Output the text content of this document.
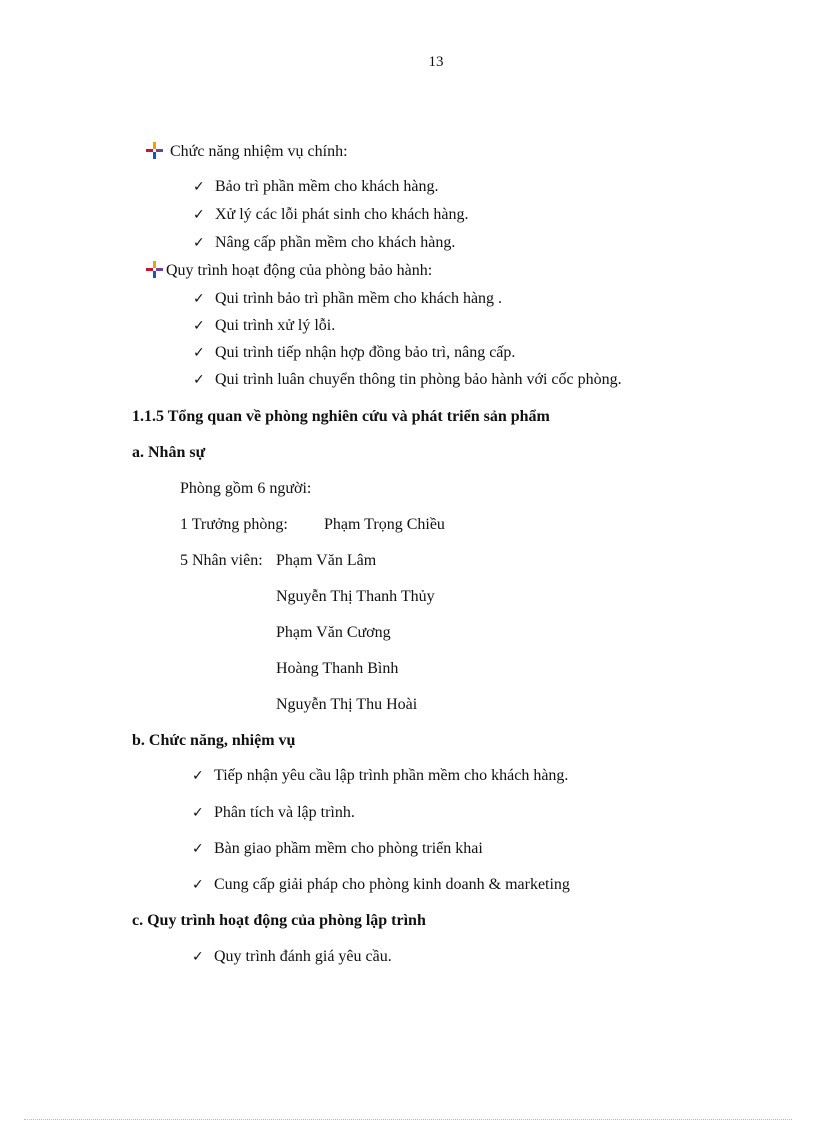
13
Chức năng nhiệm vụ chính:
✓ Bảo trì phần mềm cho khách hàng.
✓ Xử lý các lỗi phát sinh cho khách hàng.
✓ Nâng cấp phần mềm cho khách hàng.
Quy trình hoạt động của phòng bảo hành:
✓ Qui trình bảo trì phần mềm cho khách hàng .
✓ Qui trình xử lý lỗi.
✓ Qui trình tiếp nhận hợp đồng bảo trì, nâng cấp.
✓ Qui trình luân chuyển thông tin phòng bảo hành với cốc phòng.
1.1.5 Tổng quan về phòng nghiên cứu và phát triển sản phẩm
a. Nhân sự
Phòng gồm 6 người:
1 Trưởng phòng: Phạm Trọng Chiều
5 Nhân viên: Phạm Văn Lâm
Nguyễn Thị Thanh Thủy
Phạm Văn Cương
Hoàng Thanh Bình
Nguyễn Thị Thu Hoài
b. Chức năng, nhiệm vụ
✓ Tiếp nhận yêu cầu lập trình phần mềm cho khách hàng.
✓ Phân tích và lập trình.
✓ Bàn giao phầm mềm cho phòng triển khai
✓ Cung cấp giải pháp cho phòng kinh doanh & marketing
c. Quy trình hoạt động của phòng lập trình
✓ Quy trình đánh giá yêu cầu.
